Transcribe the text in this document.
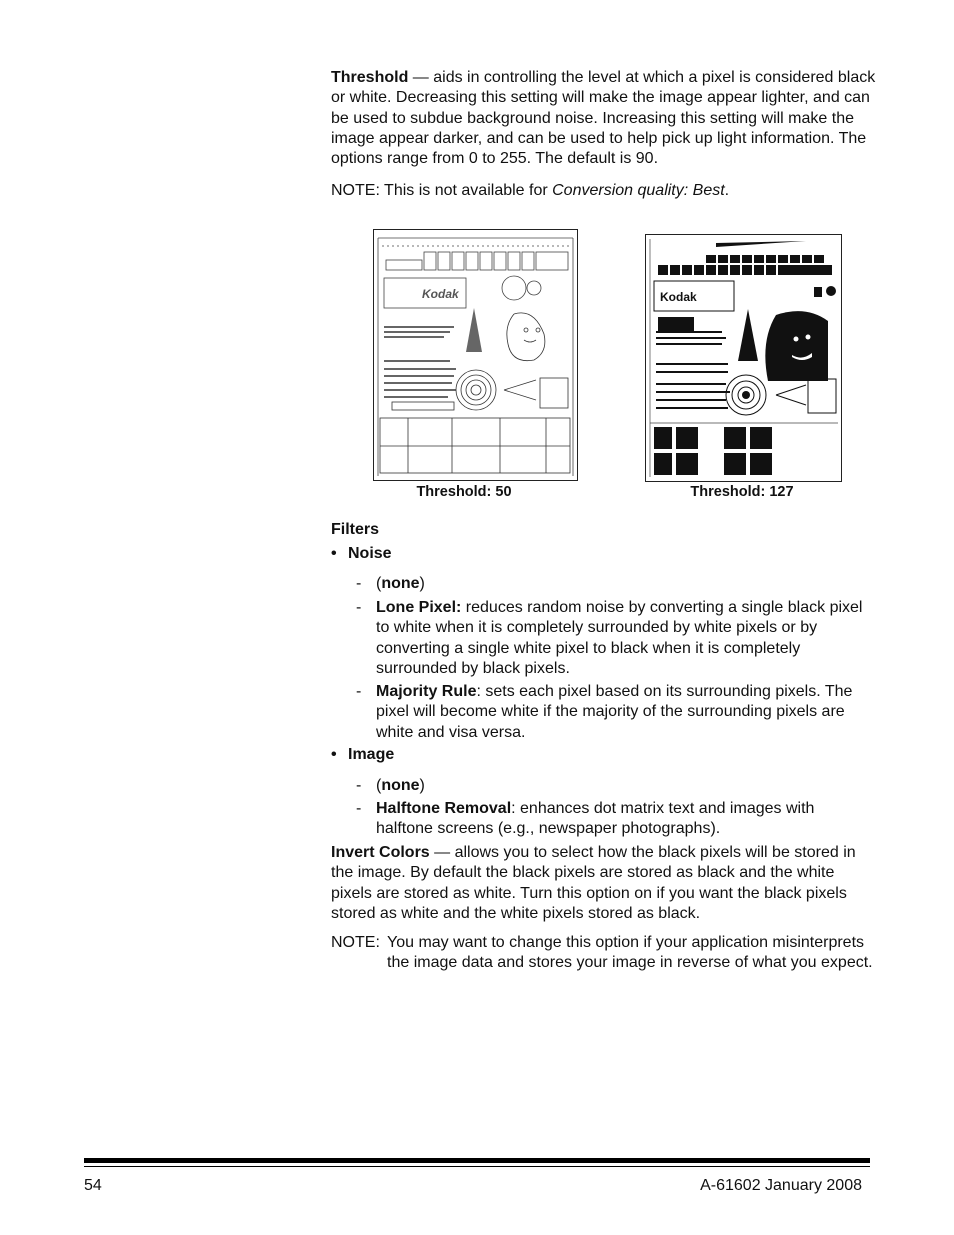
Threshold — aids in controlling the level at which a pixel is considered black or white. Decreasing this setting will make the image appear lighter, and can be used to subdue background noise. Increasing this setting will make the image appear darker, and can be used to help pick up light information. The options range from 0 to 255. The default is 90.

NOTE: This is not available for Conversion quality: Best.

Kodak
Threshold: 50
Kodak
Threshold: 127
Filters
• Noise
- (none)
- Lone Pixel: reduces random noise by converting a single black pixel to white when it is completely surrounded by white pixels or by converting a single white pixel to black when it is completely surrounded by black pixels.
- Majority Rule: sets each pixel based on its surrounding pixels. The pixel will become white if the majority of the surrounding pixels are white and visa versa.
• Image
- (none)
- Halftone Removal: enhances dot matrix text and images with halftone screens (e.g., newspaper photographs).

Invert Colors — allows you to select how the black pixels will be stored in the image. By default the black pixels are stored as black and the white pixels are stored as white. Turn this option on if you want the black pixels stored as white and the white pixels stored as black.

NOTE: You may want to change this option if your application misinterprets the image data and stores your image in reverse of what you expect.
54	A-61602 January 2008
